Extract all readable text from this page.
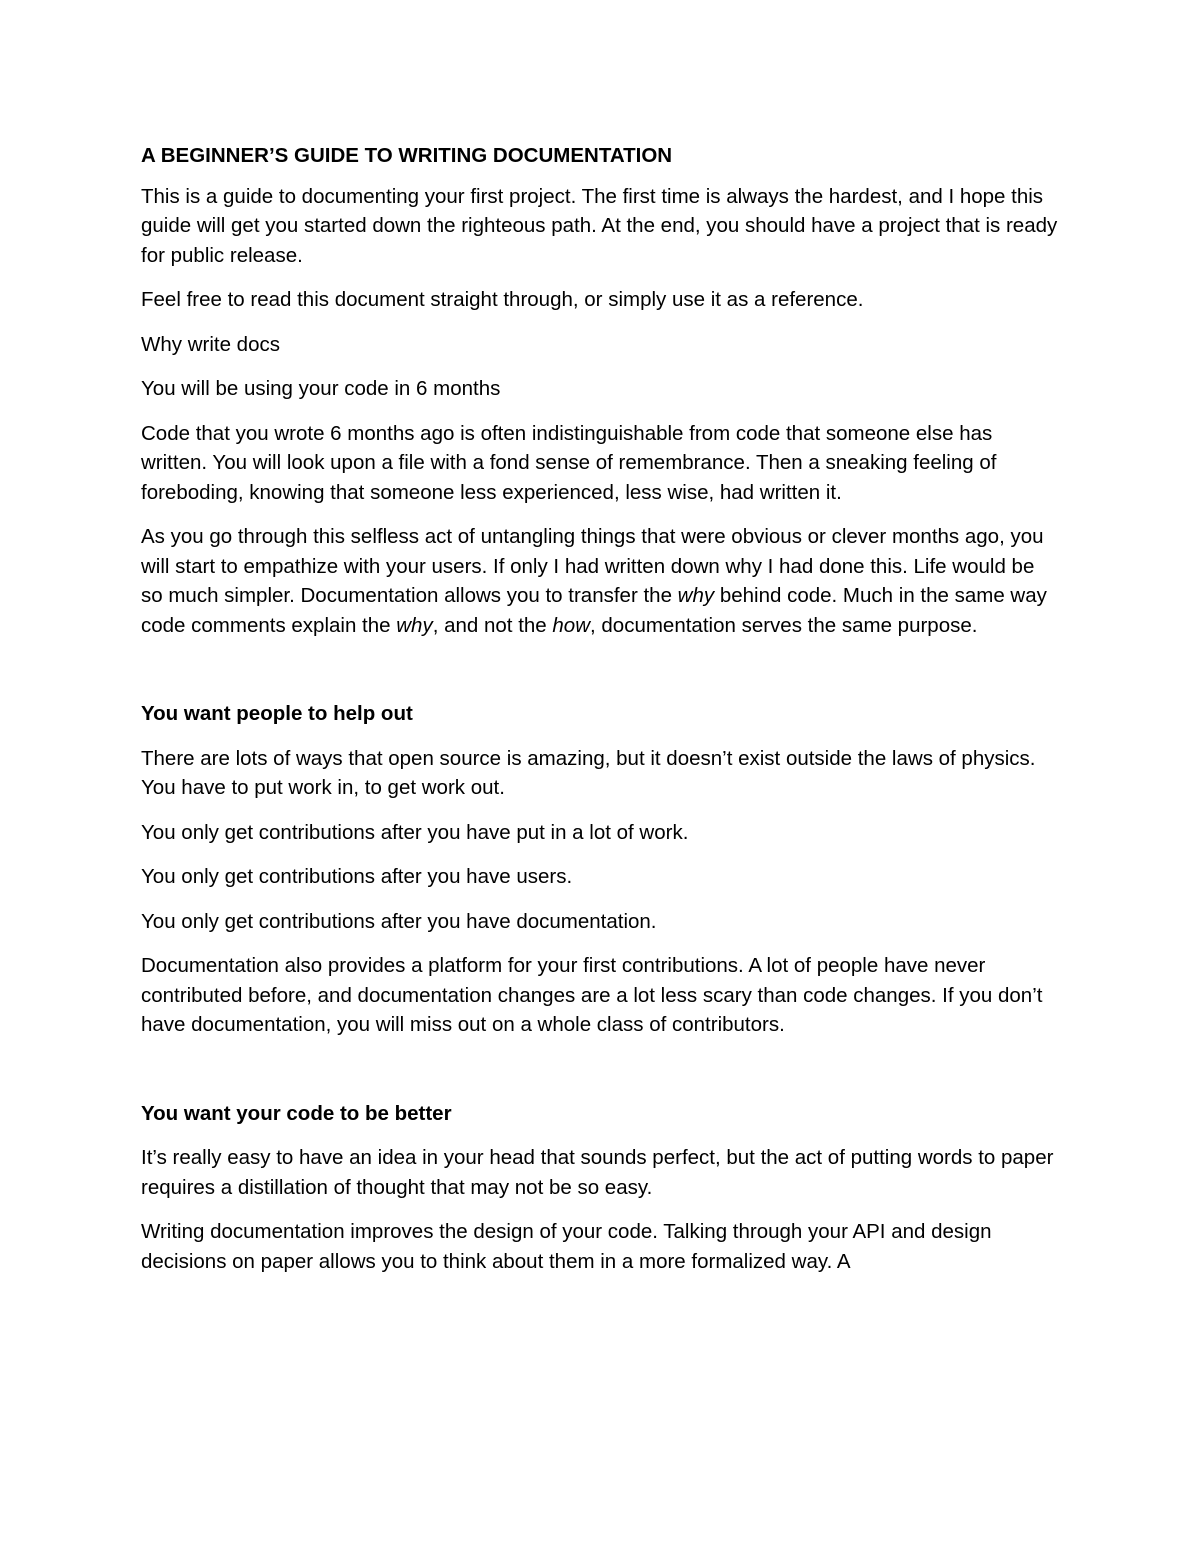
A BEGINNER’S GUIDE TO WRITING DOCUMENTATION

This is a guide to documenting your first project. The first time is always the hardest, and I hope this guide will get you started down the righteous path. At the end, you should have a project that is ready for public release.

Feel free to read this document straight through, or simply use it as a reference.

Why write docs

You will be using your code in 6 months

Code that you wrote 6 months ago is often indistinguishable from code that someone else has written. You will look upon a file with a fond sense of remembrance. Then a sneaking feeling of foreboding, knowing that someone less experienced, less wise, had written it.

As you go through this selfless act of untangling things that were obvious or clever months ago, you will start to empathize with your users. If only I had written down why I had done this. Life would be so much simpler. Documentation allows you to transfer the why behind code. Much in the same way code comments explain the why, and not the how, documentation serves the same purpose.

You want people to help out

There are lots of ways that open source is amazing, but it doesn’t exist outside the laws of physics. You have to put work in, to get work out.

You only get contributions after you have put in a lot of work.

You only get contributions after you have users.

You only get contributions after you have documentation.

Documentation also provides a platform for your first contributions. A lot of people have never contributed before, and documentation changes are a lot less scary than code changes. If you don’t have documentation, you will miss out on a whole class of contributors.

You want your code to be better

It’s really easy to have an idea in your head that sounds perfect, but the act of putting words to paper requires a distillation of thought that may not be so easy.

Writing documentation improves the design of your code. Talking through your API and design decisions on paper allows you to think about them in a more formalized way. A
